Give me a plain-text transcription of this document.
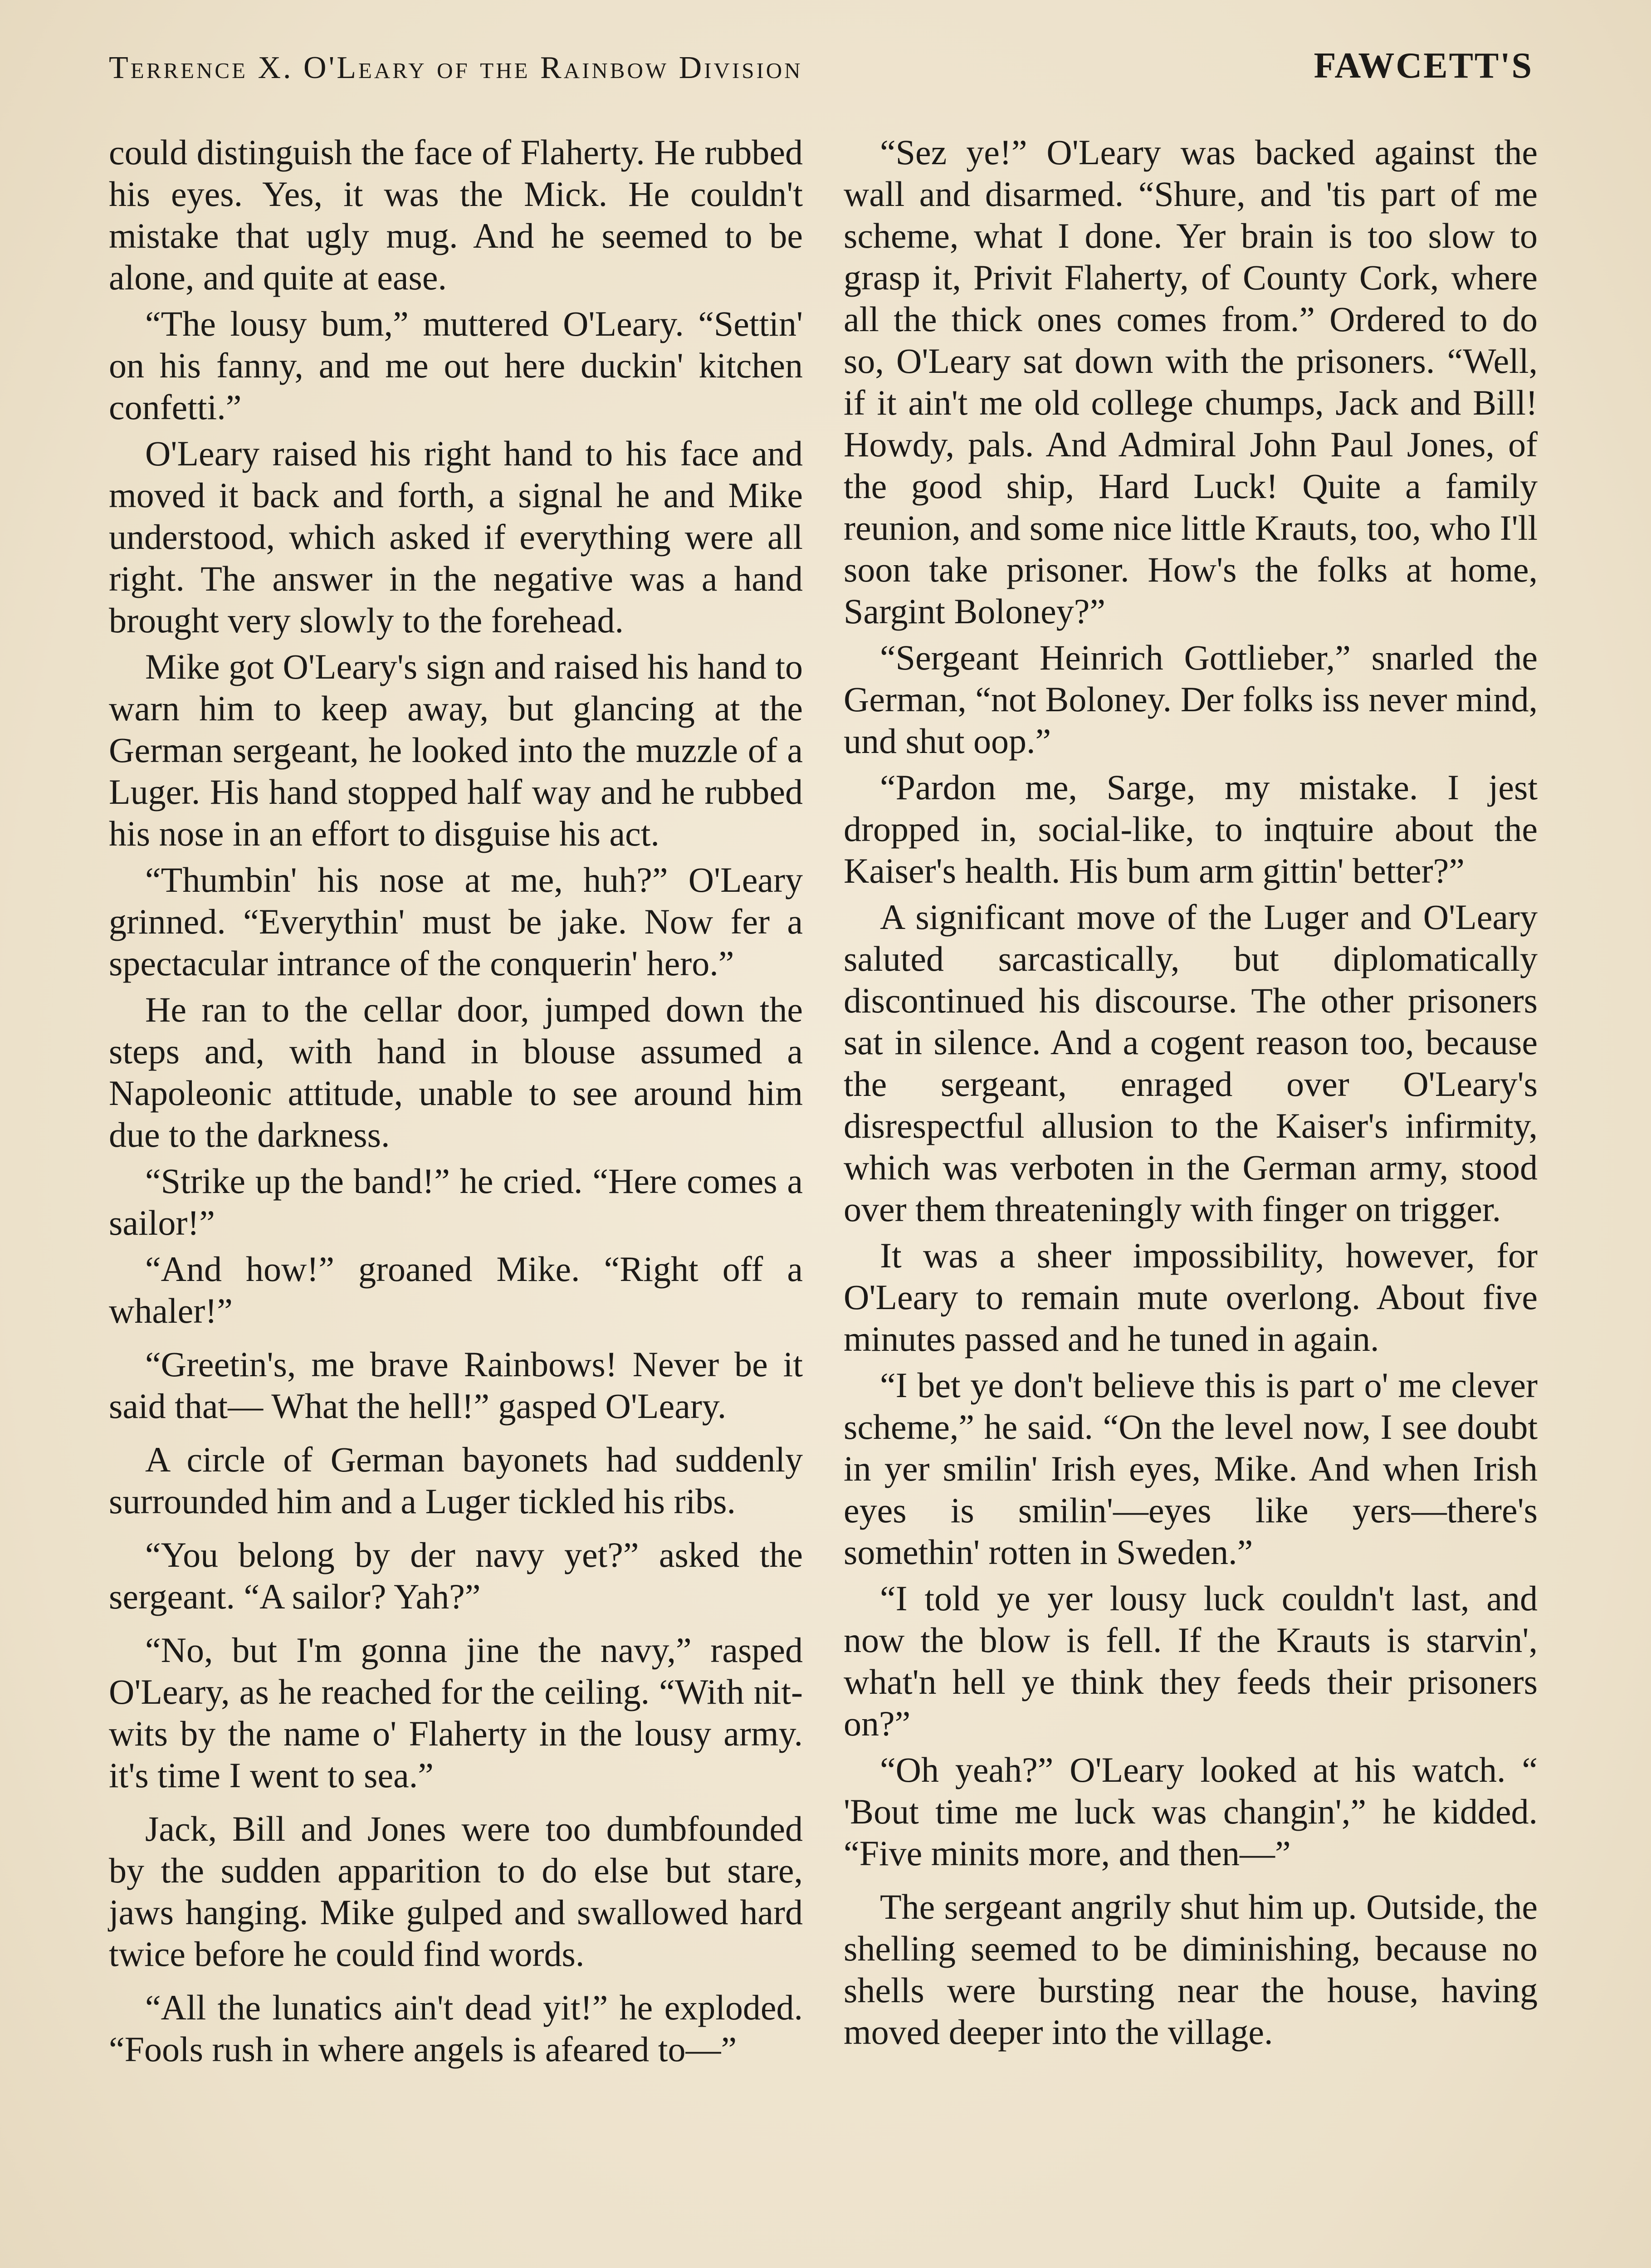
Terrence X. O'Leary of the Rainbow Division	FAWCETT'S

could distinguish the face of Flaherty. He rubbed his eyes. Yes, it was the Mick. He couldn't mistake that ugly mug. And he seemed to be alone, and quite at ease.

“The lousy bum,” muttered O'Leary. “Settin' on his fanny, and me out here duckin' kitchen confetti.”

O'Leary raised his right hand to his face and moved it back and forth, a signal he and Mike understood, which asked if everything were all right. The answer in the negative was a hand brought very slowly to the forehead.

Mike got O'Leary's sign and raised his hand to warn him to keep away, but glancing at the German sergeant, he looked into the muzzle of a Luger. His hand stopped half way and he rubbed his nose in an effort to disguise his act.

“Thumbin' his nose at me, huh?” O'Leary grinned. “Everythin' must be jake. Now fer a spectacular intrance of the conquerin' hero.”

He ran to the cellar door, jumped down the steps and, with hand in blouse assumed a Napoleonic attitude, unable to see around him due to the darkness.

“Strike up the band!” he cried. “Here comes a sailor!”

“And how!” groaned Mike. “Right off a whaler!”

“Greetin's, me brave Rainbows! Never be it said that— What the hell!” gasped O'Leary.

A circle of German bayonets had suddenly surrounded him and a Luger tickled his ribs.

“You belong by der navy yet?” asked the sergeant. “A sailor? Yah?”

“No, but I'm gonna jine the navy,” rasped O'Leary, as he reached for the ceiling. “With nit-wits by the name o' Flaherty in the lousy army. it's time I went to sea.”

Jack, Bill and Jones were too dumbfounded by the sudden apparition to do else but stare, jaws hanging. Mike gulped and swallowed hard twice before he could find words.

“All the lunatics ain't dead yit!” he exploded. “Fools rush in where angels is afeared to—”

“Sez ye!” O'Leary was backed against the wall and disarmed. “Shure, and 'tis part of me scheme, what I done. Yer brain is too slow to grasp it, Privit Flaherty, of County Cork, where all the thick ones comes from.” Ordered to do so, O'Leary sat down with the prisoners. “Well, if it ain't me old college chumps, Jack and Bill! Howdy, pals. And Admiral John Paul Jones, of the good ship, Hard Luck! Quite a family reunion, and some nice little Krauts, too, who I'll soon take prisoner. How's the folks at home, Sargint Boloney?”

“Sergeant Heinrich Gottlieber,” snarled the German, “not Boloney. Der folks iss never mind, und shut oop.”

“Pardon me, Sarge, my mistake. I jest dropped in, social-like, to inqtuire about the Kaiser's health. His bum arm gittin' better?”

A significant move of the Luger and O'Leary saluted sarcastically, but diplomatically discontinued his discourse. The other prisoners sat in silence. And a cogent reason too, because the sergeant, enraged over O'Leary's disrespectful allusion to the Kaiser's infirmity, which was verboten in the German army, stood over them threateningly with finger on trigger.

It was a sheer impossibility, however, for O'Leary to remain mute overlong. About five minutes passed and he tuned in again.

“I bet ye don't believe this is part o' me clever scheme,” he said. “On the level now, I see doubt in yer smilin' Irish eyes, Mike. And when Irish eyes is smilin'—eyes like yers—there's somethin' rotten in Sweden.”

“I told ye yer lousy luck couldn't last, and now the blow is fell. If the Krauts is starvin', what'n hell ye think they feeds their prisoners on?”

“Oh yeah?” O'Leary looked at his watch. “ 'Bout time me luck was changin',” he kidded. “Five minits more, and then—”

The sergeant angrily shut him up. Outside, the shelling seemed to be diminishing, because no shells were bursting near the house, having moved deeper into the village.
